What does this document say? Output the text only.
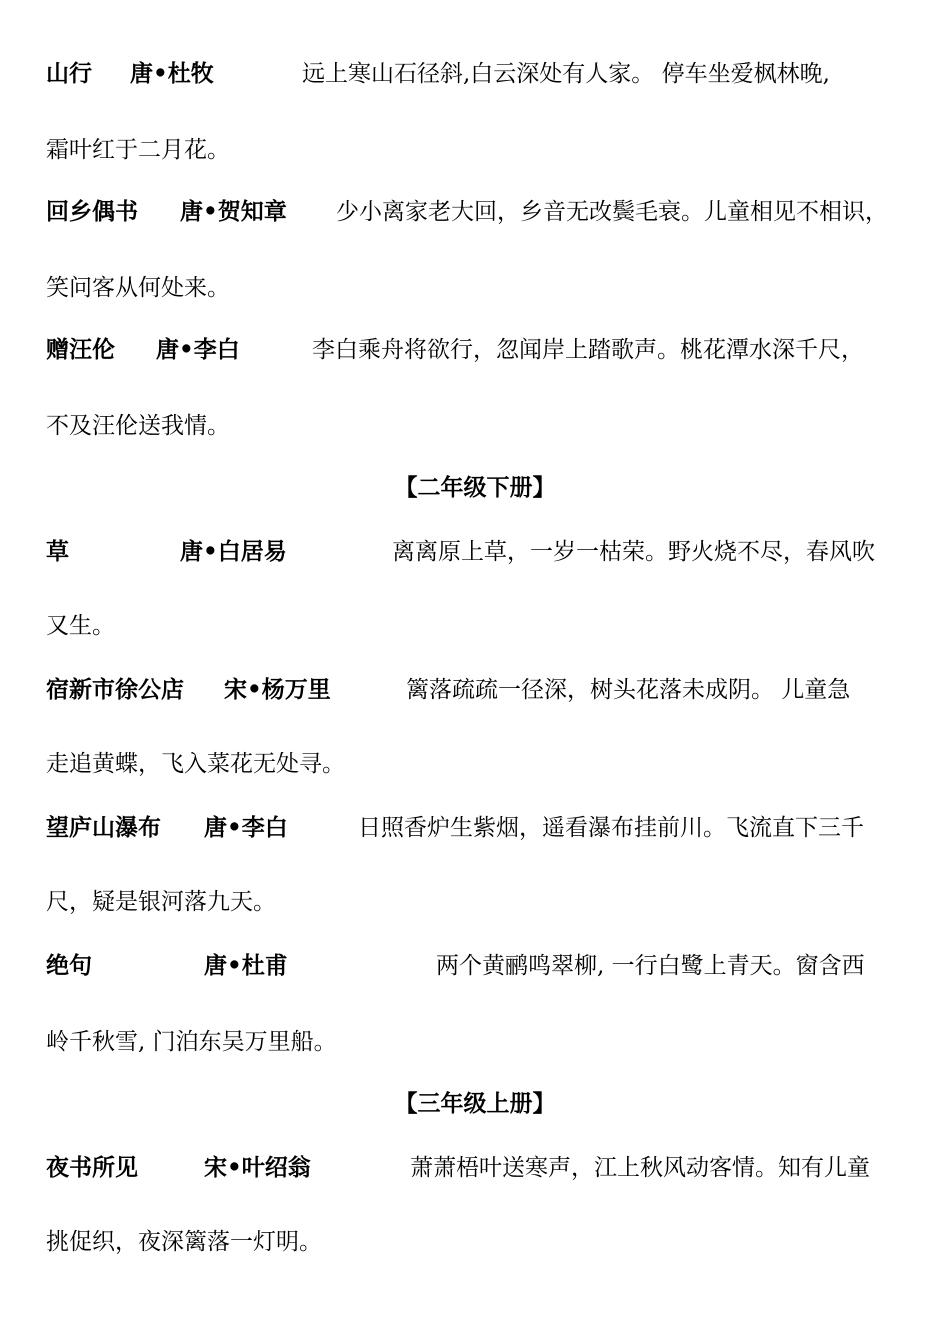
山行 唐•杜牧	远上寒山石径斜,白云深处有人家。 停车坐爱枫林晚,
霜叶红于二月花。
回乡偶书 唐•贺知章 少小离家老大回，乡音无改鬓毛衰。儿童相见不相识，
笑问客从何处来。
赠汪伦 唐•李白	李白乘舟将欲行，忽闻岸上踏歌声。桃花潭水深千尺，
不及汪伦送我情。
【二年级下册】
草	唐•白居易	离离原上草，一岁一枯荣。野火烧不尽，春风吹
又生。
宿新市徐公店 宋•杨万里	篱落疏疏一径深，树头花落未成阴。 儿童急
走追黄蝶，飞入菜花无处寻。
望庐山瀑布 唐•李白	日照香炉生紫烟，遥看瀑布挂前川。飞流直下三千
尺，疑是银河落九天。
绝句	唐•杜甫	两个黄鹂鸣翠柳, 一行白鹭上青天。窗含西
岭千秋雪, 门泊东吴万里船。
【三年级上册】
夜书所见	宋•叶绍翁	萧萧梧叶送寒声，江上秋风动客情。知有儿童
挑促织，夜深篱落一灯明。
